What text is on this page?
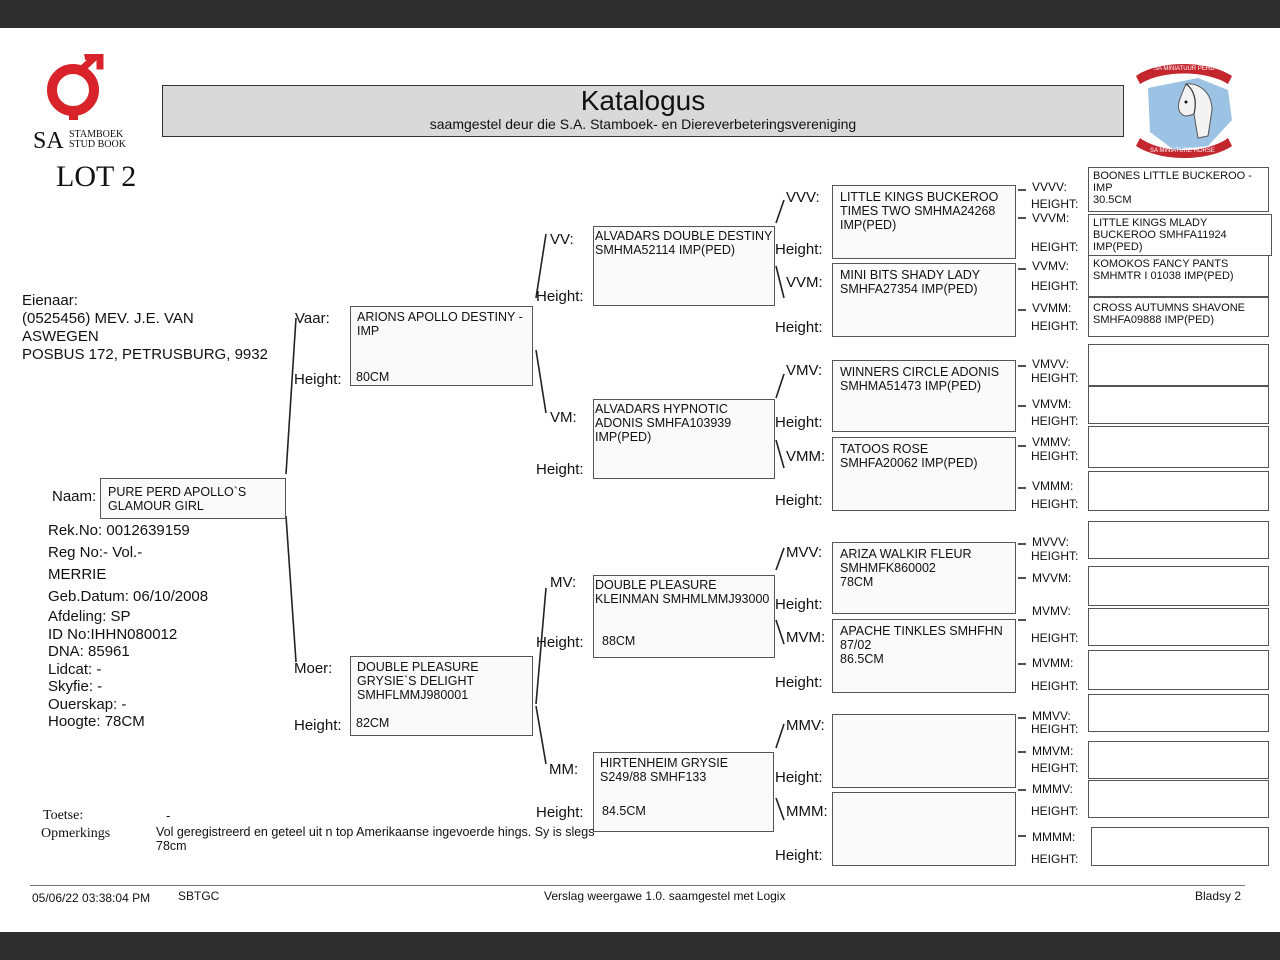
SA STAMBOEK
STUD BOOK
Katalogus
saamgestel deur die S.A. Stamboek- en Diereverbeteringsvereniging
SA MINIATUUR PERD
SA MINIATURE HORSE
LOT 2
Eienaar:
(0525456) MEV. J.E. VAN
ASWEGEN
POSBUS 172, PETRUSBURG, 9932
Naam: PURE PERD APOLLO`S GLAMOUR GIRL
Rek.No: 0012639159
Reg No:- Vol.-
MERRIE
Geb.Datum: 06/10/2008
Afdeling: SP
ID No:IHHN080012
DNA: 85961
Lidcat: -
Skyfie: -
Ouerskap: -
Hoogte: 78CM
Vaar:
Height:
ARIONS APOLLO DESTINY - IMP
80CM
Moer:
Height:
DOUBLE PLEASURE GRYSIE`S DELIGHT SMHFLMMJ980001
82CM
VV:
Height:
ALVADARS DOUBLE DESTINY SMHMA52114 IMP(PED)
VM:
Height:
ALVADARS HYPNOTIC ADONIS SMHFA103939 IMP(PED)
MV:
Height:
DOUBLE PLEASURE KLEINMAN SMHMLMMJ93000
88CM
MM:
Height:
HIRTENHEIM GRYSIE S249/88 SMHF133
84.5CM
VVV:
Height:
LITTLE KINGS BUCKEROO TIMES TWO SMHMA24268 IMP(PED)
VVM:
Height:
MINI BITS SHADY LADY SMHFA27354 IMP(PED)
VMV:
Height:
WINNERS CIRCLE ADONIS SMHMA51473 IMP(PED)
VMM:
Height:
TATOOS ROSE SMHFA20062 IMP(PED)
MVV:
Height:
ARIZA WALKIR FLEUR SMHMFK860002
78CM
MVM:
Height:
APACHE TINKLES SMHFHN 87/02
86.5CM
MMV:
Height:
MMM:
Height:
VVVV:
HEIGHT:
VVVM:
HEIGHT:
VVMV:
HEIGHT:
VVMM:
HEIGHT:
VMVV:
HEIGHT:
VMVM:
HEIGHT:
VMMV:
HEIGHT:
VMMM:
HEIGHT:
MVVV:
HEIGHT:
MVVM:
MVMV:
HEIGHT:
MVMM:
HEIGHT:
MMVV:
HEIGHT:
MMVM:
HEIGHT:
MMMV:
HEIGHT:
MMMM:
HEIGHT:
BOONES LITTLE BUCKEROO - IMP
30.5CM
LITTLE KINGS MLADY BUCKEROO SMHFA11924 IMP(PED)
KOMOKOS FANCY PANTS SMHMTR I 01038 IMP(PED)
CROSS AUTUMNS SHAVONE SMHFA09888 IMP(PED)
Toetse:	-
Opmerkings	Vol geregistreerd en geteel uit n top Amerikaanse ingevoerde hings. Sy is slegs 78cm
05/06/22 03:38:04 PM SBTGC	Verslag weergawe 1.0. saamgestel met Logix	Bladsy 2
